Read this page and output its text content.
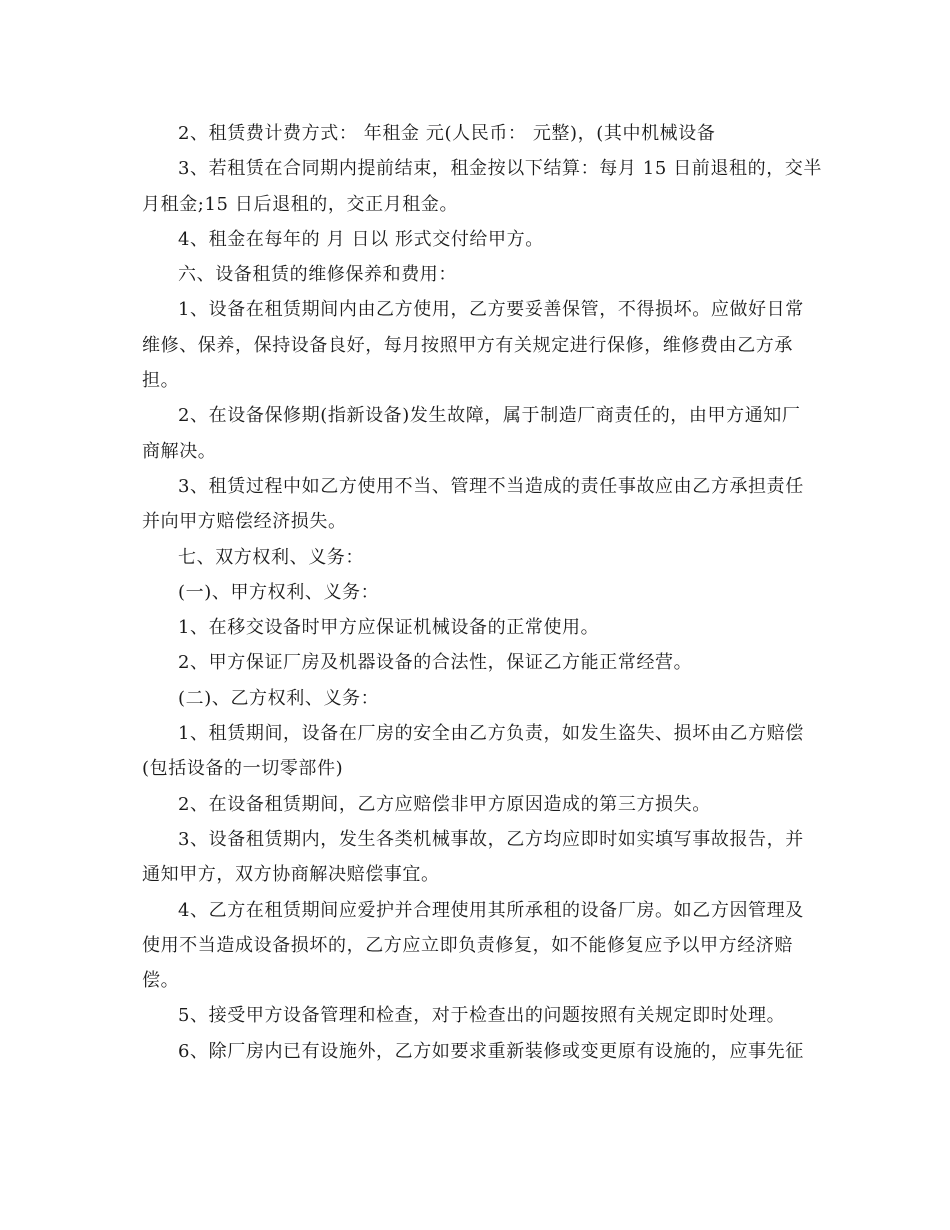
2、租赁费计费方式： 年租金 元(人民币： 元整)，(其中机械设备

3、若租赁在合同期内提前结束，租金按以下结算：每月 15 日前退租的，交半
月租金;15 日后退租的，交正月租金。

4、租金在每年的 月 日以 形式交付给甲方。

六、设备租赁的维修保养和费用：

1、设备在租赁期间内由乙方使用，乙方要妥善保管，不得损坏。应做好日常
维修、保养，保持设备良好，每月按照甲方有关规定进行保修，维修费由乙方承
担。

2、在设备保修期(指新设备)发生故障，属于制造厂商责任的，由甲方通知厂
商解决。

3、租赁过程中如乙方使用不当、管理不当造成的责任事故应由乙方承担责任
并向甲方赔偿经济损失。

七、双方权利、义务：

(一)、甲方权利、义务：

1、在移交设备时甲方应保证机械设备的正常使用。

2、甲方保证厂房及机器设备的合法性，保证乙方能正常经营。

(二)、乙方权利、义务：

1、租赁期间，设备在厂房的安全由乙方负责，如发生盗失、损坏由乙方赔偿
(包括设备的一切零部件)

2、在设备租赁期间，乙方应赔偿非甲方原因造成的第三方损失。

3、设备租赁期内，发生各类机械事故，乙方均应即时如实填写事故报告，并
通知甲方，双方协商解决赔偿事宜。

4、乙方在租赁期间应爱护并合理使用其所承租的设备厂房。如乙方因管理及
使用不当造成设备损坏的，乙方应立即负责修复，如不能修复应予以甲方经济赔
偿。

5、接受甲方设备管理和检查，对于检查出的问题按照有关规定即时处理。

6、除厂房内已有设施外，乙方如要求重新装修或变更原有设施的，应事先征
